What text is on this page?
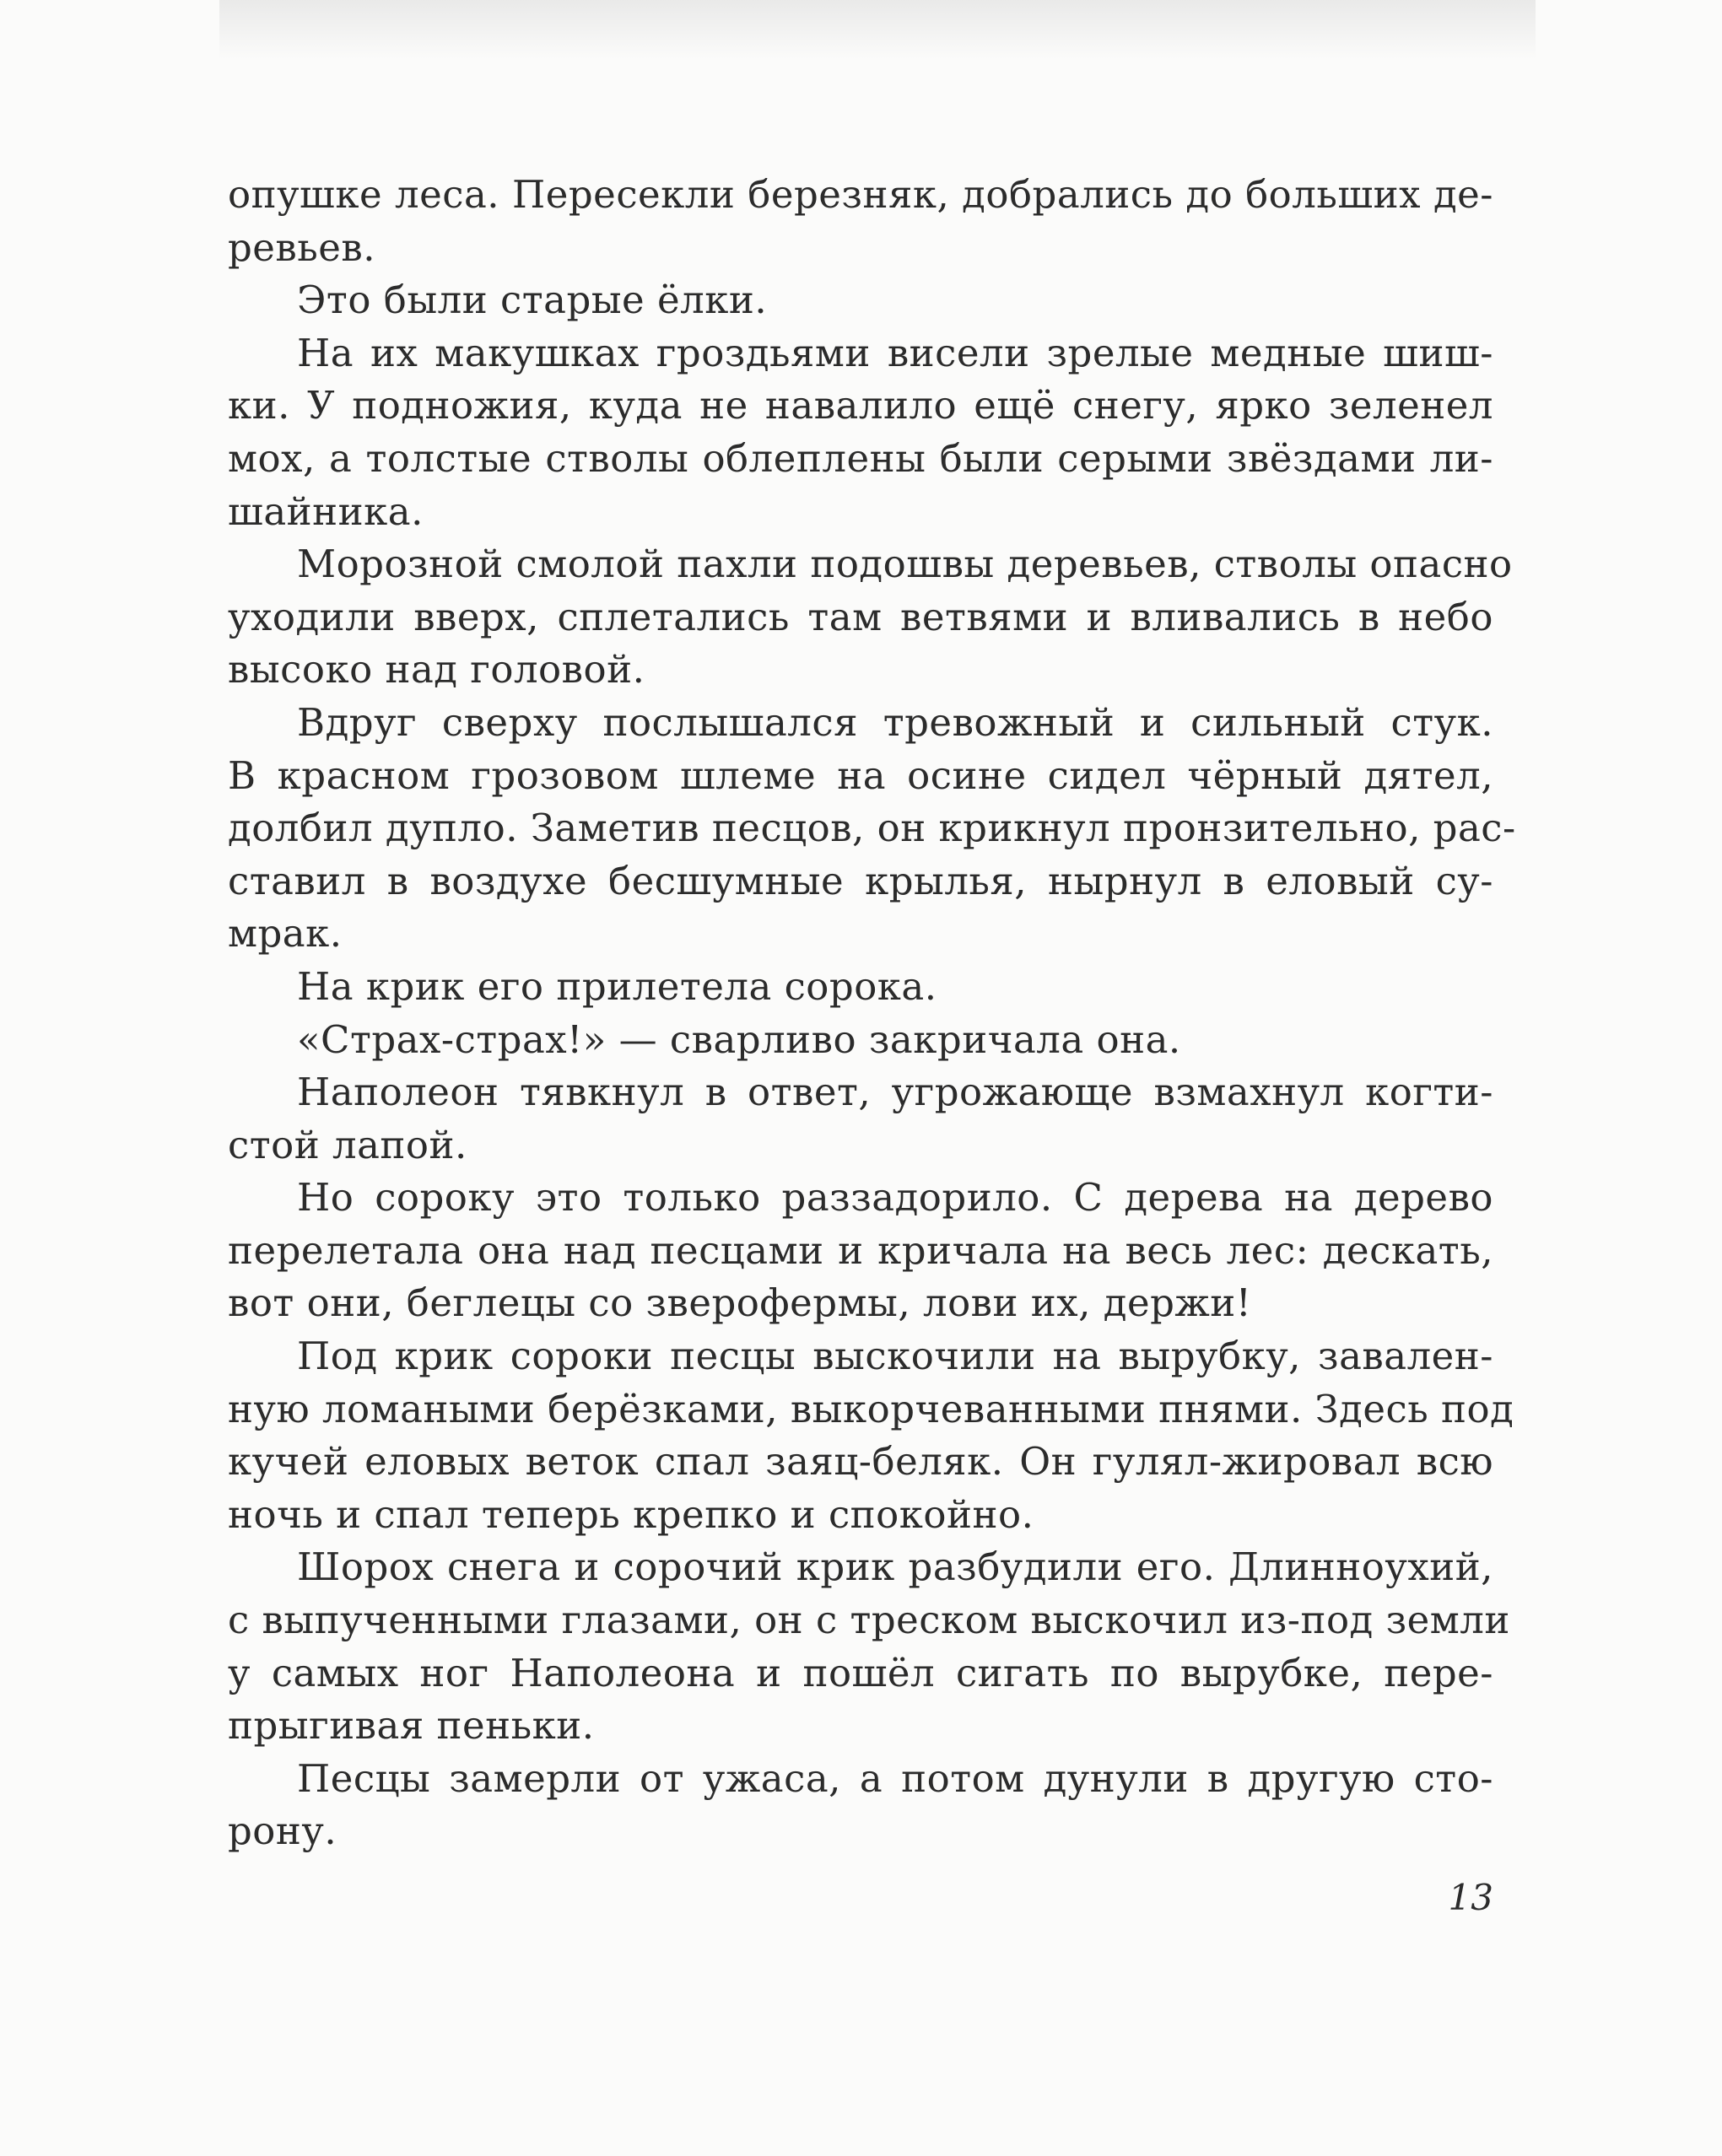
опушке леса. Пересекли березняк, добрались до больших де-
ревьев.
Это были старые ёлки.
На их макушках гроздьями висели зрелые медные шиш-
ки. У подножия, куда не навалило ещё снегу, ярко зеленел
мох, а толстые стволы облеплены были серыми звёздами ли-
шайника.
Морозной смолой пахли подошвы деревьев, стволы опасно
уходили вверх, сплетались там ветвями и вливались в небо
высоко над головой.
Вдруг сверху послышался тревожный и сильный стук.
В красном грозовом шлеме на осине сидел чёрный дятел,
долбил дупло. Заметив песцов, он крикнул пронзительно, рас-
ставил в воздухе бесшумные крылья, нырнул в еловый су-
мрак.
На крик его прилетела сорока.
«Страх-страх!» — сварливо закричала она.
Наполеон тявкнул в ответ, угрожающе взмахнул когти-
стой лапой.
Но сороку это только раззадорило. С дерева на дерево
перелетала она над песцами и кричала на весь лес: дескать,
вот они, беглецы со зверофермы, лови их, держи!
Под крик сороки песцы выскочили на вырубку, завален-
ную ломаными берёзками, выкорчеванными пнями. Здесь под
кучей еловых веток спал заяц-беляк. Он гулял-жировал всю
ночь и спал теперь крепко и спокойно.
Шорох снега и сорочий крик разбудили его. Длинноухий,
с выпученными глазами, он с треском выскочил из-под земли
у самых ног Наполеона и пошёл сигать по вырубке, пере-
прыгивая пеньки.
Песцы замерли от ужаса, а потом дунули в другую сто-
рону.
13
